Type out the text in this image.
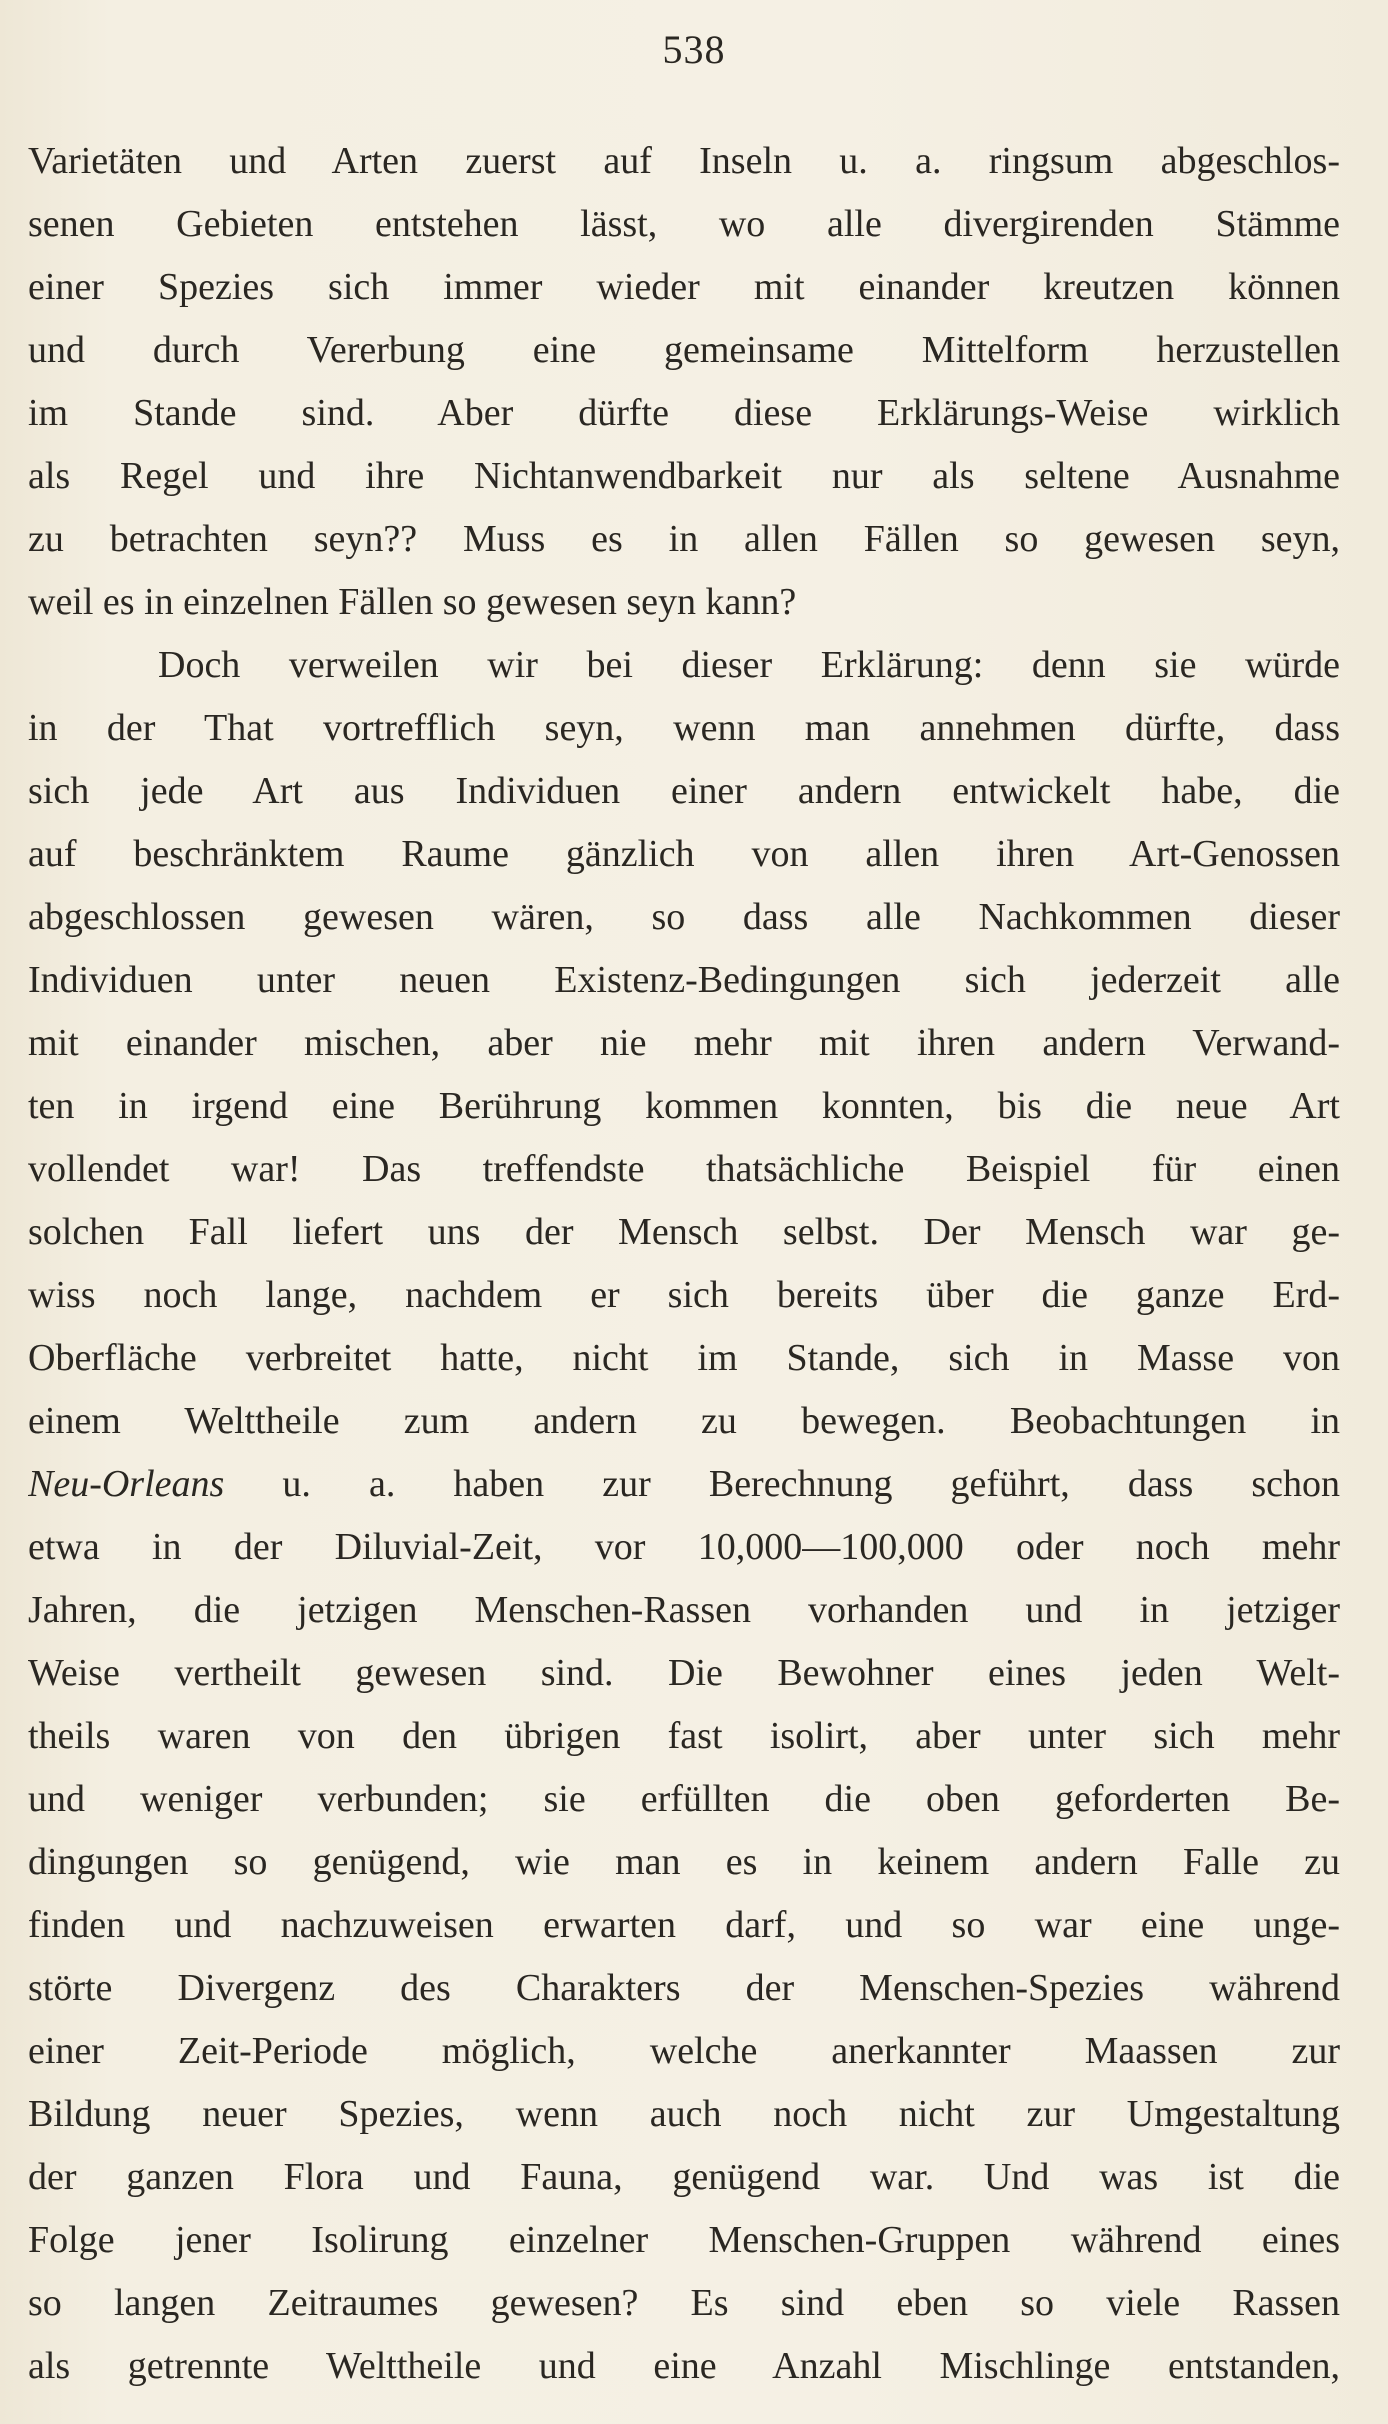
538
Varietäten und Arten zuerst auf Inseln u. a. ringsum abgeschlos-
senen Gebieten entstehen lässt, wo alle divergirenden Stämme
einer Spezies sich immer wieder mit einander kreutzen können
und durch Vererbung eine gemeinsame Mittelform herzustellen
im Stande sind. Aber dürfte diese Erklärungs-Weise wirklich
als Regel und ihre Nichtanwendbarkeit nur als seltene Ausnahme
zu betrachten seyn?? Muss es in allen Fällen so gewesen seyn,
weil es in einzelnen Fällen so gewesen seyn kann?
Doch verweilen wir bei dieser Erklärung: denn sie würde
in der That vortrefflich seyn, wenn man annehmen dürfte, dass
sich jede Art aus Individuen einer andern entwickelt habe, die
auf beschränktem Raume gänzlich von allen ihren Art-Genossen
abgeschlossen gewesen wären, so dass alle Nachkommen dieser
Individuen unter neuen Existenz-Bedingungen sich jederzeit alle
mit einander mischen, aber nie mehr mit ihren andern Verwand-
ten in irgend eine Berührung kommen konnten, bis die neue Art
vollendet war! Das treffendste thatsächliche Beispiel für einen
solchen Fall liefert uns der Mensch selbst. Der Mensch war ge-
wiss noch lange, nachdem er sich bereits über die ganze Erd-
Oberfläche verbreitet hatte, nicht im Stande, sich in Masse von
einem Welttheile zum andern zu bewegen. Beobachtungen in
Neu-Orleans u. a. haben zur Berechnung geführt, dass schon
etwa in der Diluvial-Zeit, vor 10,000—100,000 oder noch mehr
Jahren, die jetzigen Menschen-Rassen vorhanden und in jetziger
Weise vertheilt gewesen sind. Die Bewohner eines jeden Welt-
theils waren von den übrigen fast isolirt, aber unter sich mehr
und weniger verbunden; sie erfüllten die oben geforderten Be-
dingungen so genügend, wie man es in keinem andern Falle zu
finden und nachzuweisen erwarten darf, und so war eine unge-
störte Divergenz des Charakters der Menschen-Spezies während
einer Zeit-Periode möglich, welche anerkannter Maassen zur
Bildung neuer Spezies, wenn auch noch nicht zur Umgestaltung
der ganzen Flora und Fauna, genügend war. Und was ist die
Folge jener Isolirung einzelner Menschen-Gruppen während eines
so langen Zeitraumes gewesen? Es sind eben so viele Rassen
als getrennte Welttheile und eine Anzahl Mischlinge entstanden,
